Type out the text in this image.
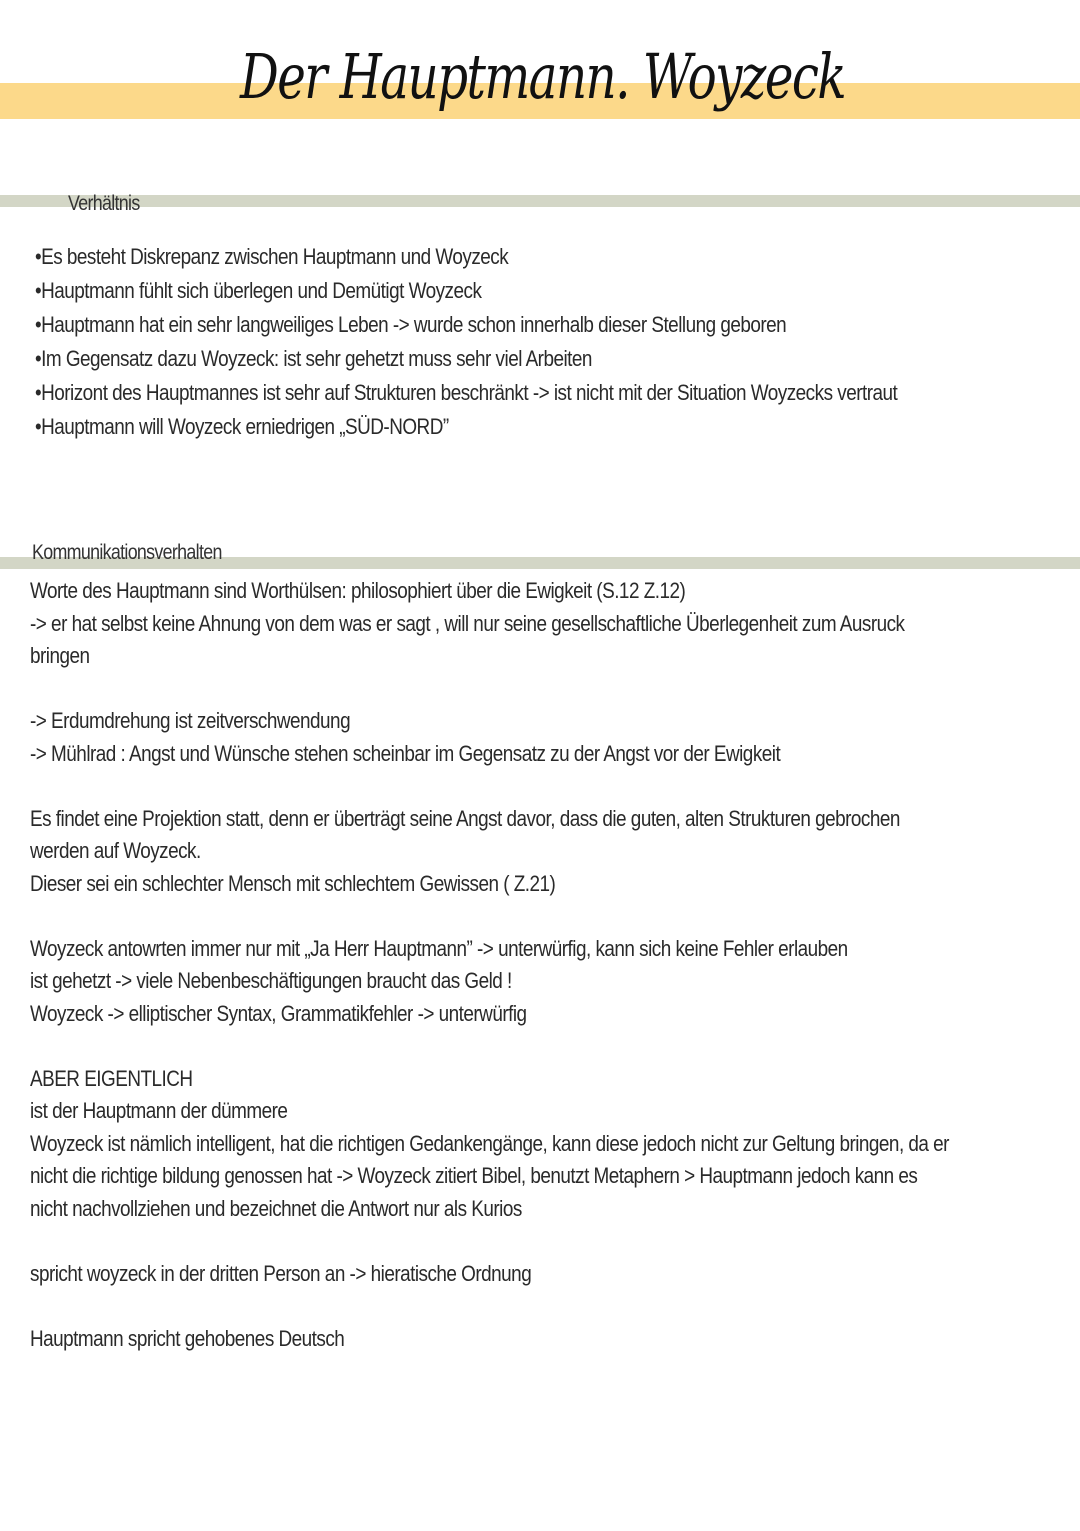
Der Hauptmann. Woyzeck
Verhältnis
•Es besteht Diskrepanz zwischen Hauptmann und Woyzeck
•Hauptmann fühlt sich überlegen und Demütigt Woyzeck
•Hauptmann hat ein sehr langweiliges Leben -> wurde schon innerhalb dieser Stellung geboren
•Im Gegensatz dazu Woyzeck: ist sehr gehetzt muss sehr viel Arbeiten
•Horizont des Hauptmannes ist sehr auf Strukturen beschränkt -> ist nicht mit der Situation Woyzecks vertraut
•Hauptmann will Woyzeck erniedrigen „SÜD-NORD”
Kommunikationsverhalten
Worte des Hauptmann sind Worthülsen: philosophiert über die Ewigkeit (S.12 Z.12)
-> er hat selbst keine Ahnung von dem was er sagt , will nur seine gesellschaftliche Überlegenheit zum Ausruck
bringen
-> Erdumdrehung ist zeitverschwendung
-> Mühlrad : Angst und Wünsche stehen scheinbar im Gegensatz zu der Angst vor der Ewigkeit
Es findet eine Projektion statt, denn er überträgt seine Angst davor, dass die guten, alten Strukturen gebrochen
werden auf Woyzeck.
Dieser sei ein schlechter Mensch mit schlechtem Gewissen ( Z.21)
Woyzeck antowrten immer nur mit „Ja Herr Hauptmann” -> unterwürfig, kann sich keine Fehler erlauben
ist gehetzt -> viele Nebenbeschäftigungen braucht das Geld !
Woyzeck -> elliptischer Syntax, Grammatikfehler -> unterwürfig
ABER EIGENTLICH
ist der Hauptmann der dümmere
Woyzeck ist nämlich intelligent, hat die richtigen Gedankengänge, kann diese jedoch nicht zur Geltung bringen, da er
nicht die richtige bildung genossen hat -> Woyzeck zitiert Bibel, benutzt Metaphern > Hauptmann jedoch kann es
nicht nachvollziehen und bezeichnet die Antwort nur als Kurios
spricht woyzeck in der dritten Person an -> hieratische Ordnung
Hauptmann spricht gehobenes Deutsch
